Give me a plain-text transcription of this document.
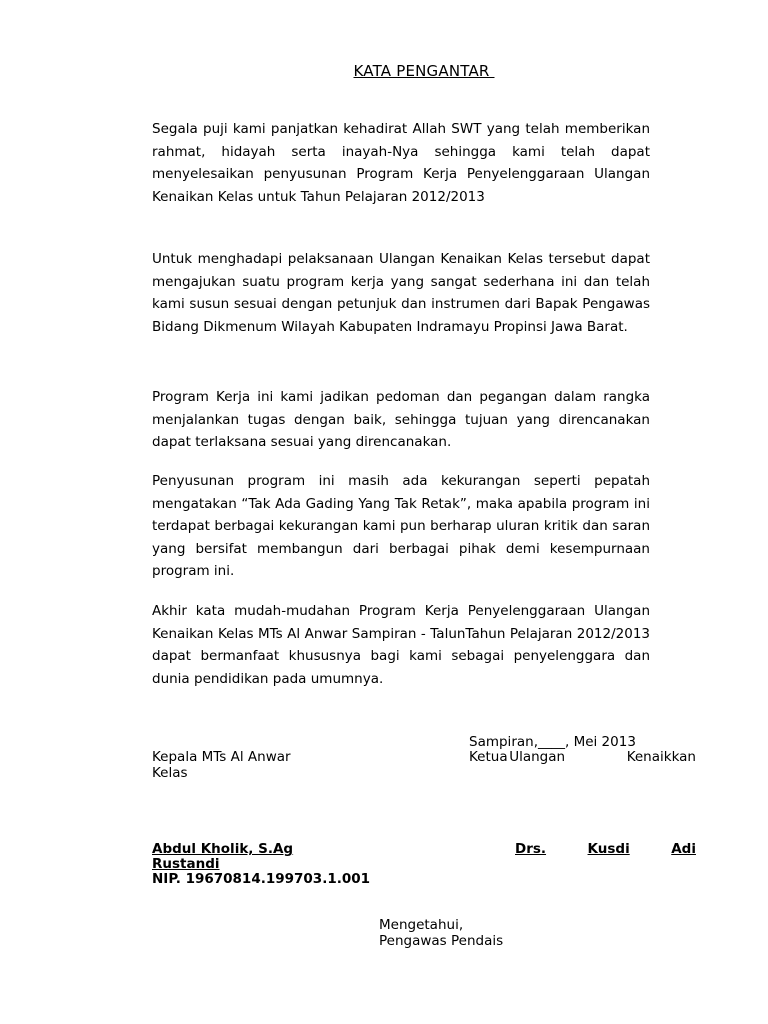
KATA PENGANTAR

Segala puji kami panjatkan kehadirat Allah SWT yang telah memberikan rahmat, hidayah serta inayah-Nya sehingga kami telah dapat menyelesaikan penyusunan Program Kerja Penyelenggaraan Ulangan Kenaikan Kelas untuk Tahun Pelajaran 2012/2013

Untuk menghadapi pelaksanaan Ulangan Kenaikan Kelas tersebut dapat mengajukan suatu program kerja yang sangat sederhana ini dan telah kami susun sesuai dengan petunjuk dan instrumen dari Bapak Pengawas Bidang Dikmenum Wilayah Kabupaten Indramayu Propinsi Jawa Barat.

Program Kerja ini kami jadikan pedoman dan pegangan dalam rangka menjalankan tugas dengan baik, sehingga tujuan yang direncanakan dapat terlaksana sesuai yang direncanakan.

Penyusunan program ini masih ada kekurangan seperti pepatah mengatakan “Tak Ada Gading Yang Tak Retak”, maka apabila program ini terdapat berbagai kekurangan kami pun berharap uluran kritik dan saran yang bersifat membangun dari berbagai pihak demi kesempurnaan program ini.

Akhir kata mudah-mudahan Program Kerja Penyelenggaraan Ulangan Kenaikan Kelas MTs Al Anwar Sampiran - TalunTahun Pelajaran 2012/2013 dapat bermanfaat khususnya bagi kami sebagai penyelenggara dan dunia pendidikan pada umumnya.

Sampiran,____, Mei 2013
Kepala MTs Al Anwar	Ketua Ulangan	Kenaikkan
Kelas
Abdul Kholik, S.Ag	Drs.	Kusdi	Adi
Rustandi
NIP. 19670814.199703.1.001
Mengetahui,
Pengawas Pendais
